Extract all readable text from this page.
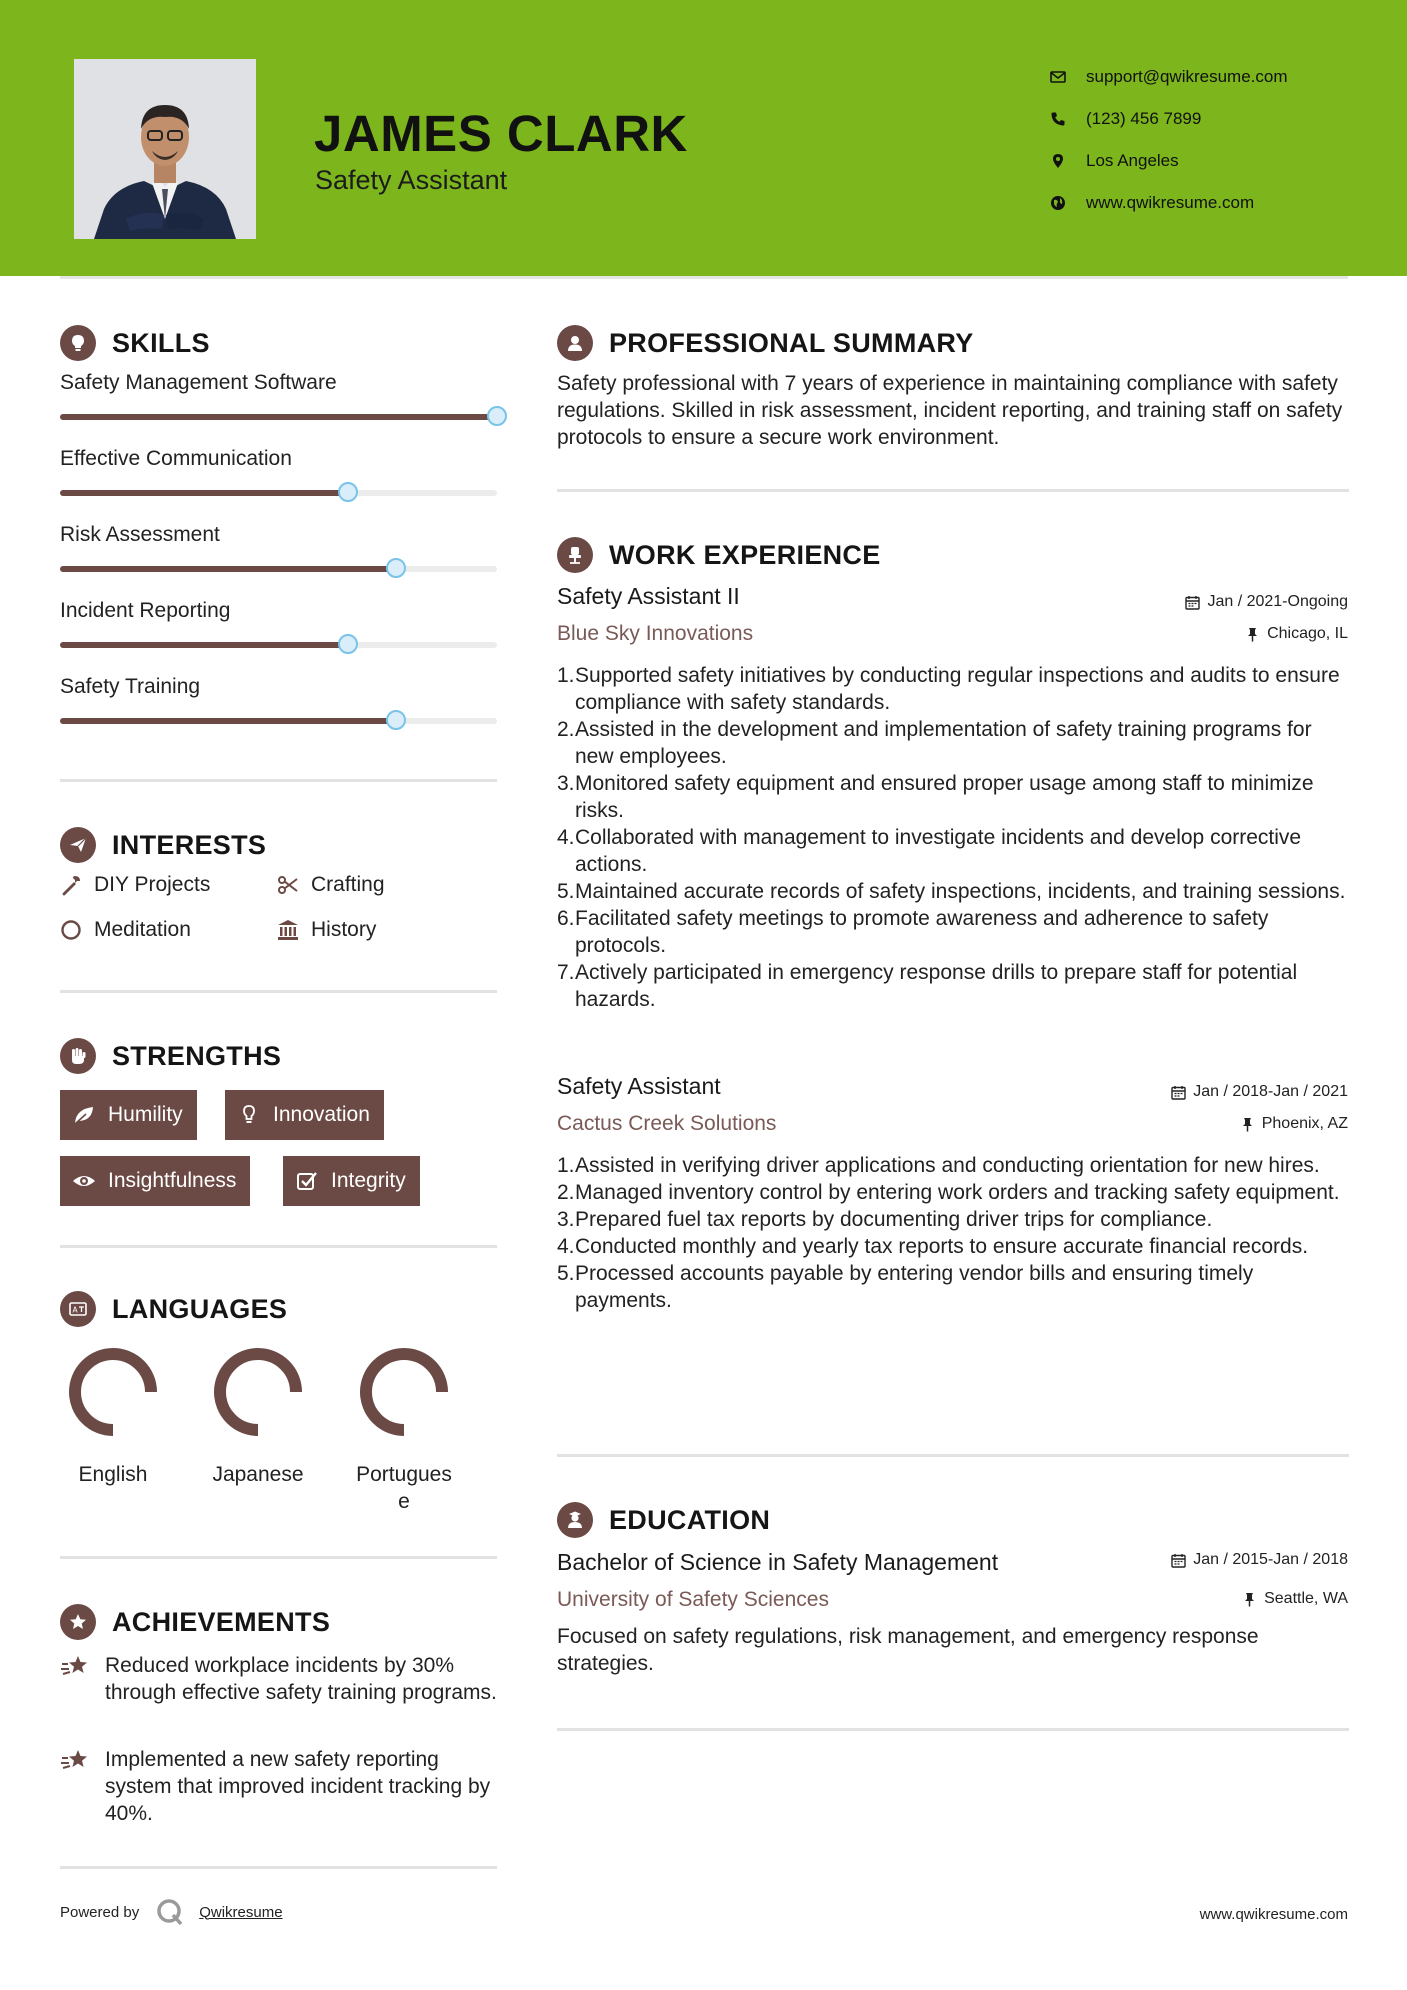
JAMES CLARK
Safety Assistant
support@qwikresume.com
(123) 456 7899
Los Angeles
www.qwikresume.com
SKILLS
Safety Management Software
Effective Communication
Risk Assessment
Incident Reporting
Safety Training
INTERESTS
DIY Projects	Crafting
Meditation	History
STRENGTHS
Humility	Innovation
Insightfulness	Integrity
A LANGUAGES
English	Japanese	Portugues
e
ACHIEVEMENTS
Reduced workplace incidents by 30% through effective safety training programs.
Implemented a new safety reporting system that improved incident tracking by 40%.
PROFESSIONAL SUMMARY
Safety professional with 7 years of experience in maintaining compliance with safety regulations. Skilled in risk assessment, incident reporting, and training staff on safety protocols to ensure a secure work environment.
WORK EXPERIENCE
Safety Assistant II	Jan / 2021-Ongoing
Blue Sky Innovations	Chicago, IL
1. Supported safety initiatives by conducting regular inspections and audits to ensure compliance with safety standards.
2. Assisted in the development and implementation of safety training programs for new employees.
3. Monitored safety equipment and ensured proper usage among staff to minimize risks.
4. Collaborated with management to investigate incidents and develop corrective actions.
5. Maintained accurate records of safety inspections, incidents, and training sessions.
6. Facilitated safety meetings to promote awareness and adherence to safety protocols.
7. Actively participated in emergency response drills to prepare staff for potential hazards.
Safety Assistant	Jan / 2018-Jan / 2021
Cactus Creek Solutions	Phoenix, AZ
1. Assisted in verifying driver applications and conducting orientation for new hires.
2. Managed inventory control by entering work orders and tracking safety equipment.
3. Prepared fuel tax reports by documenting driver trips for compliance.
4. Conducted monthly and yearly tax reports to ensure accurate financial records.
5. Processed accounts payable by entering vendor bills and ensuring timely payments.
EDUCATION
Bachelor of Science in Safety Management	Jan / 2015-Jan / 2018
University of Safety Sciences	Seattle, WA
Focused on safety regulations, risk management, and emergency response strategies.
Powered by	Qwikresume	www.qwikresume.com
